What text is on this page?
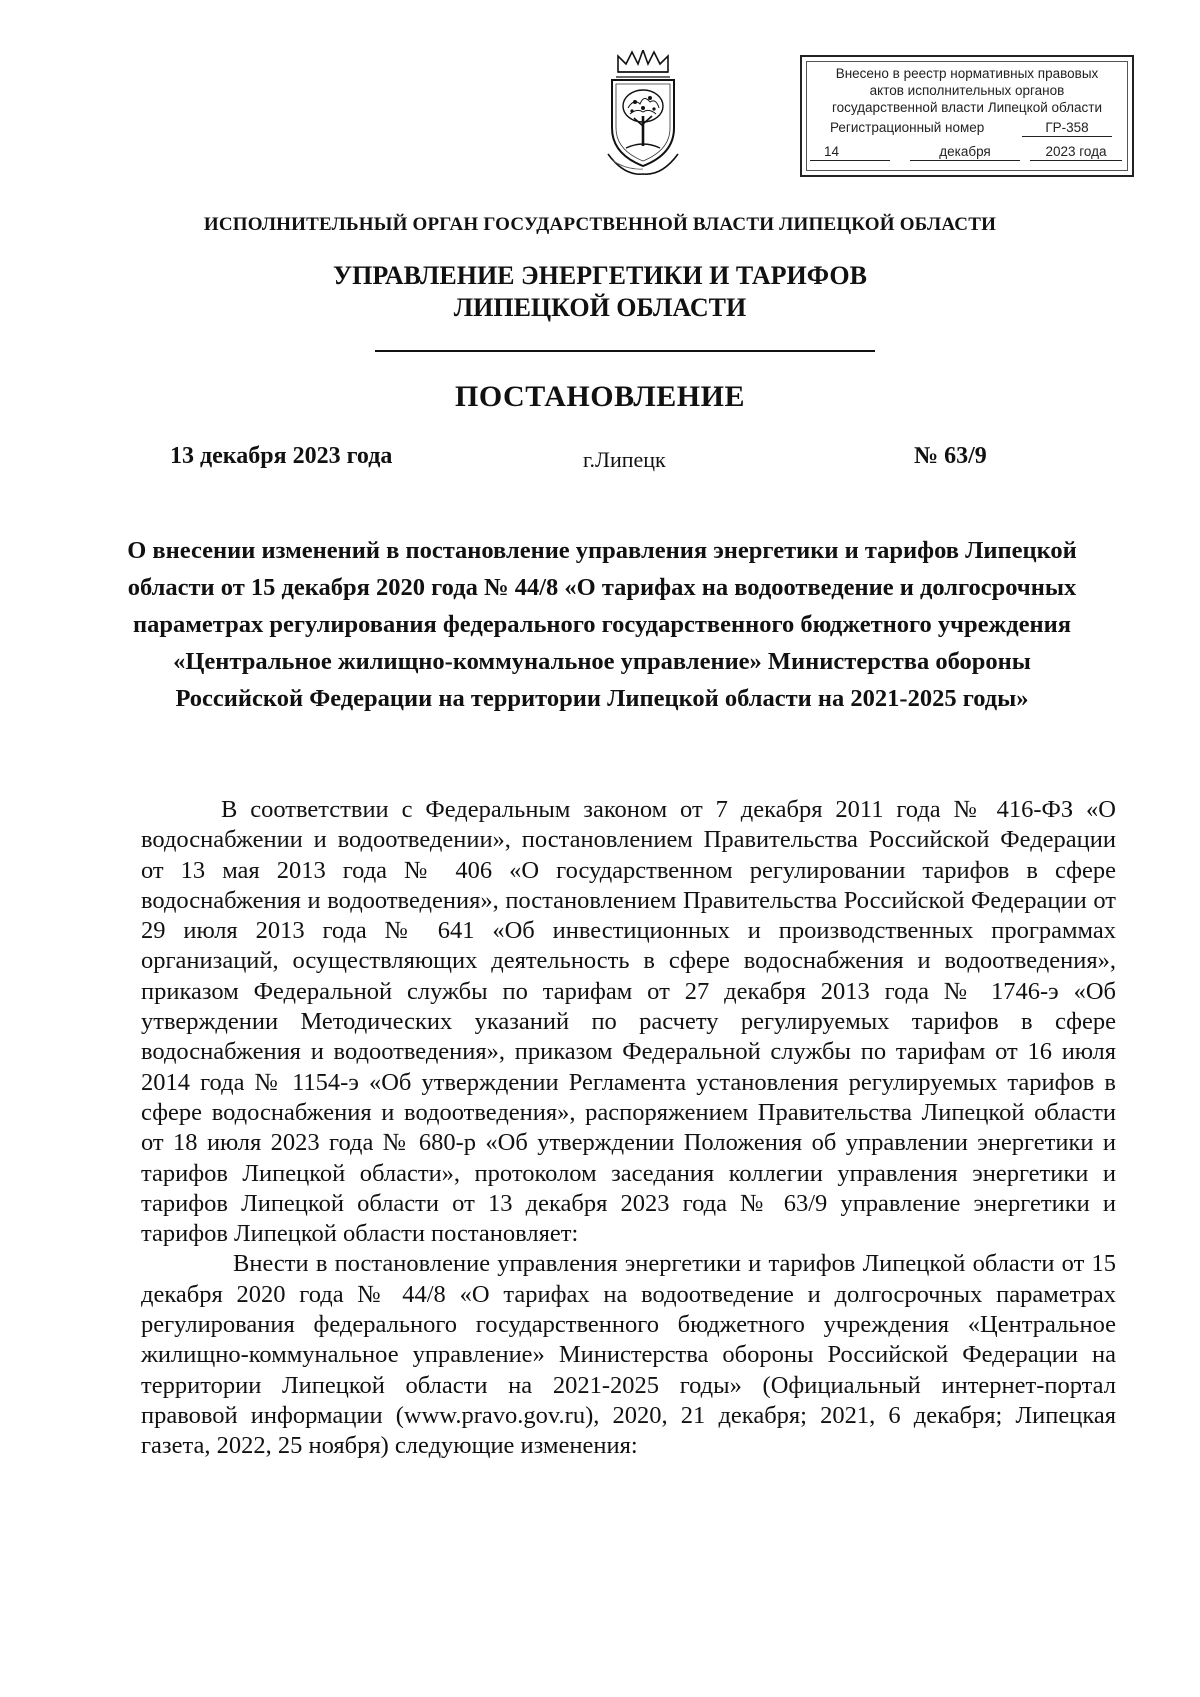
Внесено в реестр нормативных правовых
актов исполнительных органов
государственной власти Липецкой области
Регистрационный номер	ГР-358
14	декабря	2023 года
ИСПОЛНИТЕЛЬНЫЙ ОРГАН ГОСУДАРСТВЕННОЙ ВЛАСТИ ЛИПЕЦКОЙ ОБЛАСТИ
УПРАВЛЕНИЕ ЭНЕРГЕТИКИ И ТАРИФОВ
ЛИПЕЦКОЙ ОБЛАСТИ
ПОСТАНОВЛЕНИЕ
13 декабря 2023 года	г.Липецк	№ 63/9
О внесении изменений в постановление управления энергетики и тарифов Липецкой области от 15 декабря 2020 года № 44/8 «О тарифах на водоотведение и долгосрочных параметрах регулирования федерального государственного бюджетного учреждения «Центральное жилищно-коммунальное управление» Министерства обороны Российской Федерации на территории Липецкой области на 2021-2025 годы»

В соответствии с Федеральным законом от 7 декабря 2011 года № 416-ФЗ «О водоснабжении и водоотведении», постановлением Правительства Российской Федерации от 13 мая 2013 года № 406 «О государственном регулировании тарифов в сфере водоснабжения и водоотведения», постановлением Правительства Российской Федерации от 29 июля 2013 года № 641 «Об инвестиционных и производственных программах организаций, осуществляющих деятельность в сфере водоснабжения и водоотведения», приказом Федеральной службы по тарифам от 27 декабря 2013 года № 1746-э «Об утверждении Методических указаний по расчету регулируемых тарифов в сфере водоснабжения и водоотведения», приказом Федеральной службы по тарифам от 16 июля 2014 года № 1154-э «Об утверждении Регламента установления регулируемых тарифов в сфере водоснабжения и водоотведения», распоряжением Правительства Липецкой области от 18 июля 2023 года № 680-р «Об утверждении Положения об управлении энергетики и тарифов Липецкой области», протоколом заседания коллегии управления энергетики и тарифов Липецкой области от 13 декабря 2023 года № 63/9 управление энергетики и тарифов Липецкой области постановляет:

Внести в постановление управления энергетики и тарифов Липецкой области от 15 декабря 2020 года № 44/8 «О тарифах на водоотведение и долгосрочных параметрах регулирования федерального государственного бюджетного учреждения «Центральное жилищно-коммунальное управление» Министерства обороны Российской Федерации на территории Липецкой области на 2021-2025 годы» (Официальный интернет-портал правовой информации (www.pravo.gov.ru), 2020, 21 декабря; 2021, 6 декабря; Липецкая газета, 2022, 25 ноября) следующие изменения:
